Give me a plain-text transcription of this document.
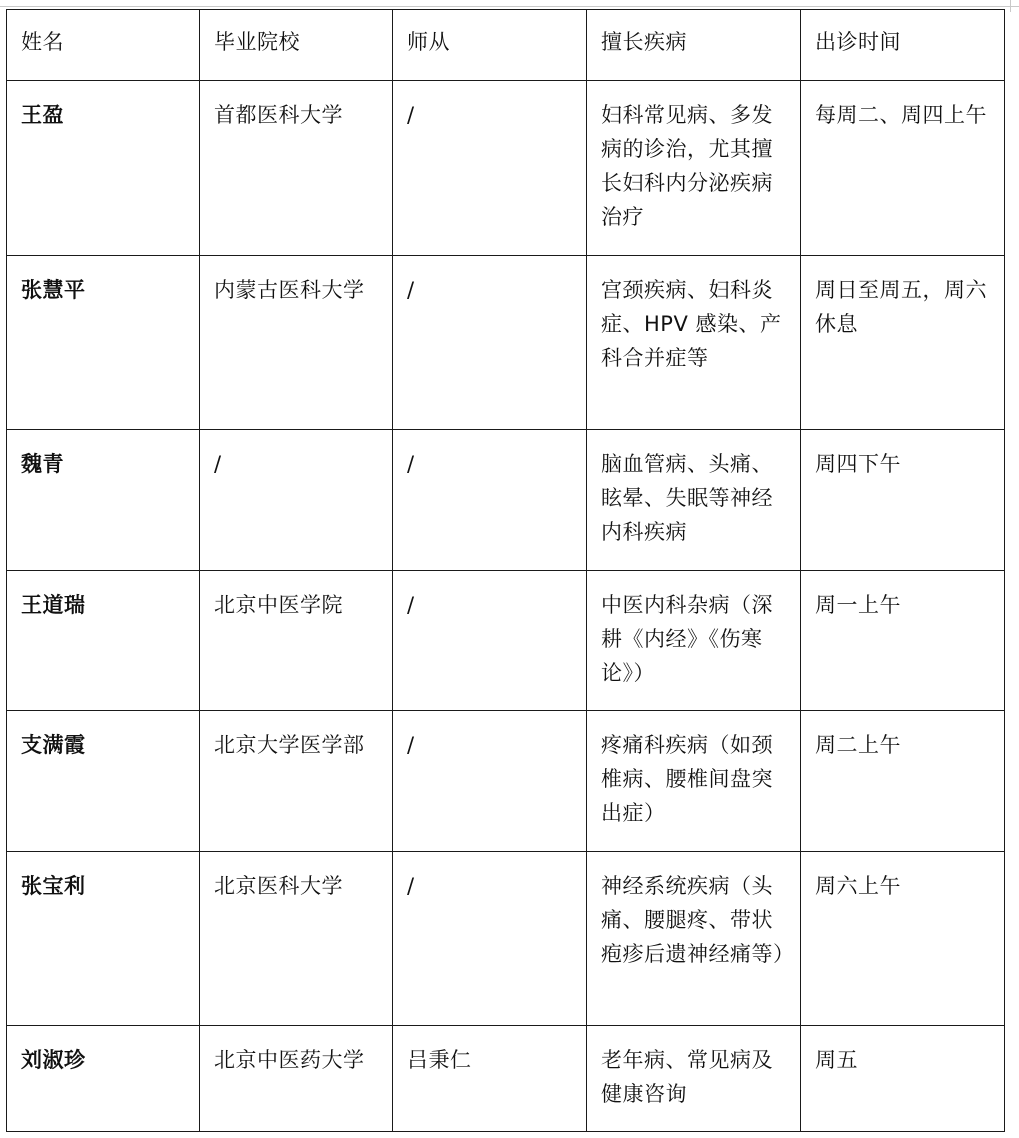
姓名	毕业院校	师从	擅长疾病	出诊时间
王盈	首都医科大学	/	妇科常见病、多发病的诊治，尤其擅长妇科内分泌疾病治疗	每周二、周四上午
张慧平	内蒙古医科大学	/	宫颈疾病、妇科炎症、HPV 感染、产科合并症等	周日至周五，周六休息
魏青	/	/	脑血管病、头痛、眩晕、失眠等神经内科疾病	周四下午
王道瑞	北京中医学院	/	中医内科杂病（深耕《内经》《伤寒论》）	周一上午
支满霞	北京大学医学部	/	疼痛科疾病（如颈椎病、腰椎间盘突出症）	周二上午
张宝利	北京医科大学	/	神经系统疾病（头痛、腰腿疼、带状疱疹后遗神经痛等）	周六上午
刘淑珍	北京中医药大学	吕秉仁	老年病、常见病及健康咨询	周五
